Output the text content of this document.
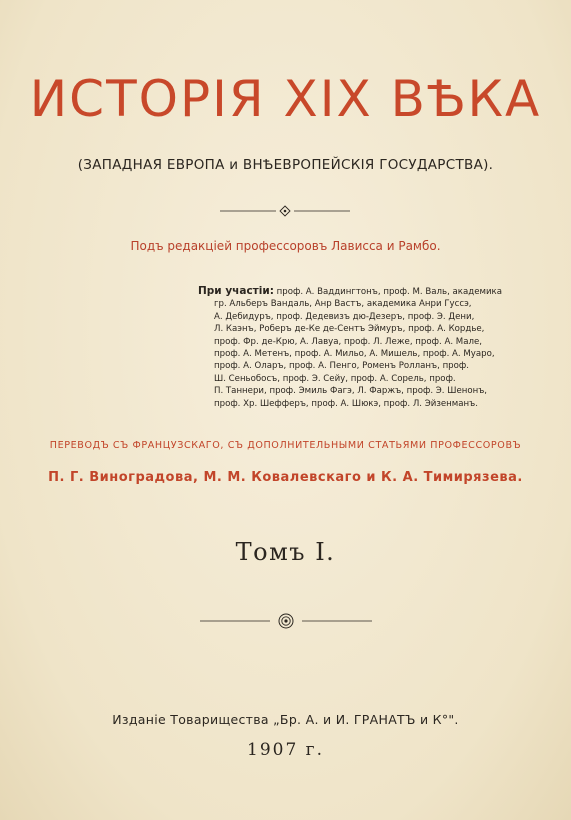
ИСТОРІЯ XIX ВѢКА
(ЗАПАДНАЯ ЕВРОПА и ВНѢЕВРОПЕЙСКІЯ ГОСУДАРСТВА).
Подъ редакціей профессоровъ Лависса и Рамбо.
При участіи: проф. А. Ваддингтонъ, проф. М. Валь, академика
гр. Альберъ Вандаль, Анр Вастъ, академика Анри Гуссэ,
А. Дебидуръ, проф. Дедевизъ дю-Дезеръ, проф. Э. Дени,
Л. Каэнъ, Роберъ де-Ке де-Сентъ Эймуръ, проф. А. Кордье,
проф. Фр. де-Крю, А. Лавуа, проф. Л. Леже, проф. А. Мале,
проф. А. Метенъ, проф. А. Мильо, А. Мишель, проф. А. Муаро,
проф. А. Оларъ, проф. А. Пенго, Роменъ Ролланъ, проф.
Ш. Сеньобосъ, проф. Э. Сейу, проф. А. Сорель, проф.
П. Таннери, проф. Эмиль Фагэ, Л. Фаржъ, проф. Э. Шенонъ,
проф. Хр. Шефферъ, проф. А. Шюкэ, проф. Л. Эйзенманъ.
ПЕРЕВОДЪ СЪ ФРАНЦУЗСКАГО, СЪ ДОПОЛНИТЕЛЬНЫМИ СТАТЬЯМИ ПРОФЕССОРОВЪ
П. Г. Виноградова, М. М. Ковалевскаго и К. А. Тимирязева.
Томъ I.
Изданіе Товарищества „Бр. А. и И. ГРАНАТЪ и К°".
1907 г.
